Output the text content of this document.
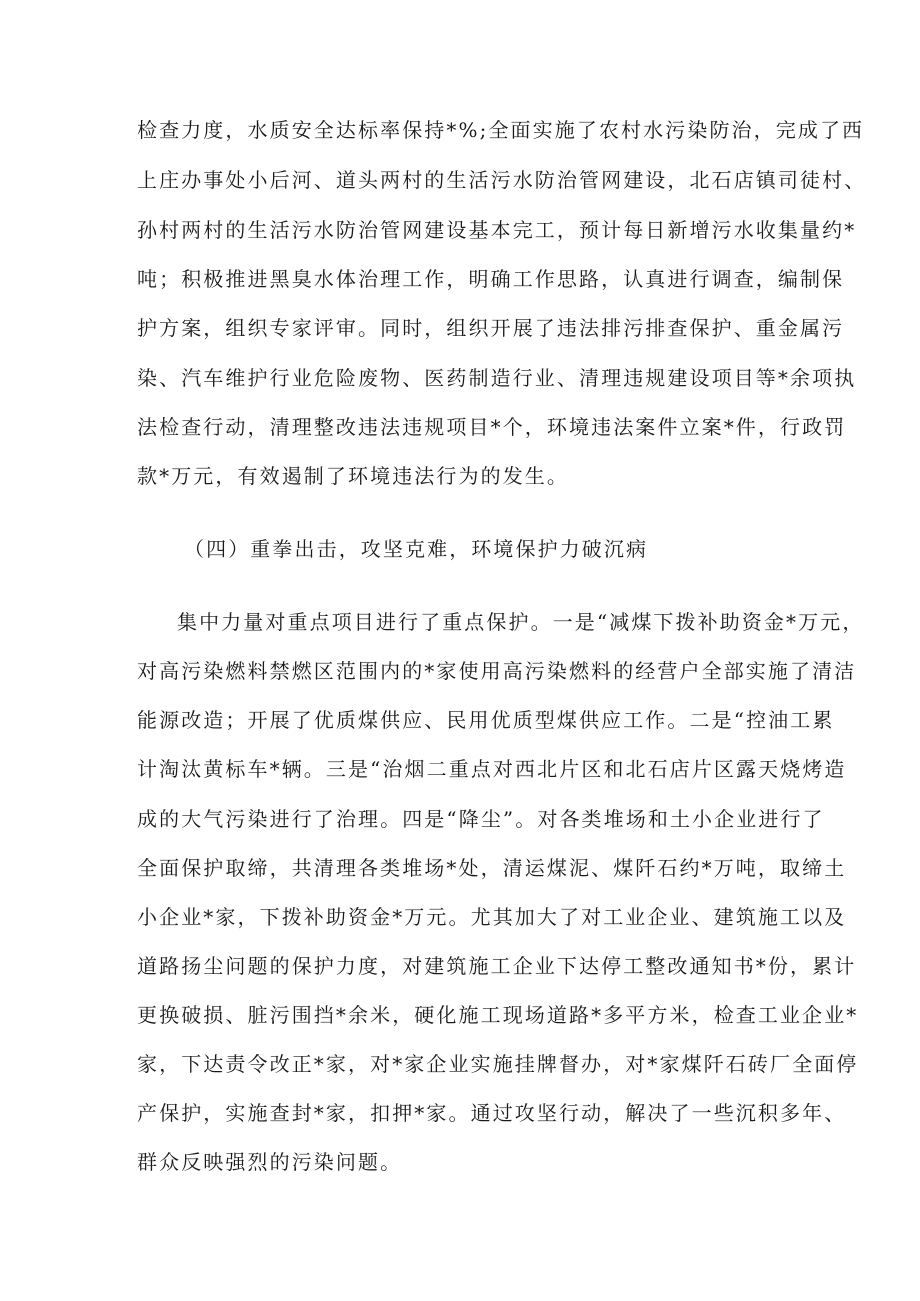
检查力度，水质安全达标率保持*%;全面实施了农村水污染防治，完成了西
上庄办事处小后河、道头两村的生活污水防治管网建设，北石店镇司徒村、
孙村两村的生活污水防治管网建设基本完工，预计每日新增污水收集量约*
吨；积极推进黑臭水体治理工作，明确工作思路，认真进行调查，编制保
护方案，组织专家评审。同时，组织开展了违法排污排查保护、重金属污
染、汽车维护行业危险废物、医药制造行业、清理违规建设项目等*余项执
法检查行动，清理整改违法违规项目*个，环境违法案件立案*件，行政罚
款*万元，有效遏制了环境违法行为的发生。
（四）重拳出击，攻坚克难，环境保护力破沉病
集中力量对重点项目进行了重点保护。一是“减煤下拨补助资金*万元，
对高污染燃料禁燃区范围内的*家使用高污染燃料的经营户全部实施了清洁
能源改造；开展了优质煤供应、民用优质型煤供应工作。二是“控油工累
计淘汰黄标车*辆。三是“治烟二重点对西北片区和北石店片区露天烧烤造
成的大气污染进行了治理。四是“降尘”。对各类堆场和土小企业进行了
全面保护取缔，共清理各类堆场*处，清运煤泥、煤阡石约*万吨，取缔土
小企业*家，下拨补助资金*万元。尤其加大了对工业企业、建筑施工以及
道路扬尘问题的保护力度，对建筑施工企业下达停工整改通知书*份，累计
更换破损、脏污围挡*余米，硬化施工现场道路*多平方米，检查工业企业*
家，下达责令改正*家，对*家企业实施挂牌督办，对*家煤阡石砖厂全面停
产保护，实施查封*家，扣押*家。通过攻坚行动，解决了一些沉积多年、
群众反映强烈的污染问题。
